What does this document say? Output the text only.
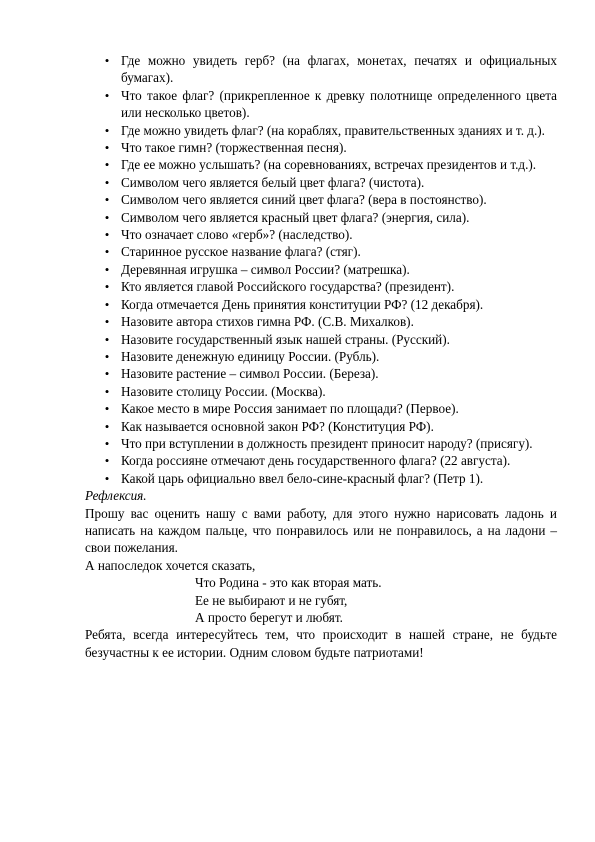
• Где можно увидеть герб? (на флагах, монетах, печатях и официальных бумагах).
• Что такое флаг? (прикрепленное к древку полотнище определенного цвета или несколько цветов).
• Где можно увидеть флаг? (на кораблях, правительственных зданиях и т. д.).
• Что такое гимн? (торжественная песня).
• Где ее можно услышать? (на соревнованиях, встречах президентов и т.д.).
• Символом чего является белый цвет флага? (чистота).
• Символом чего является синий цвет флага? (вера в постоянство).
• Символом чего является красный цвет флага? (энергия, сила).
• Что означает слово «герб»? (наследство).
• Старинное русское название флага? (стяг).
• Деревянная игрушка – символ России? (матрешка).
• Кто является главой Российского государства? (президент).
• Когда отмечается День принятия конституции РФ? (12 декабря).
• Назовите автора стихов гимна РФ. (С.В. Михалков).
• Назовите государственный язык нашей страны. (Русский).
• Назовите денежную единицу России. (Рубль).
• Назовите растение – символ России. (Береза).
• Назовите столицу России. (Москва).
• Какое место в мире Россия занимает по площади? (Первое).
• Как называется основной закон РФ? (Конституция РФ).
• Что при вступлении в должность президент приносит народу? (присягу).
• Когда россияне отмечают день государственного флага? (22 августа).
• Какой царь официально ввел бело-сине-красный флаг? (Петр 1).

Рефлексия.

Прошу вас оценить нашу с вами работу, для этого нужно нарисовать ладонь и написать на каждом пальце, что понравилось или не понравилось, а на ладони – свои пожелания.

А напоследок хочется сказать,

Что Родина - это как вторая мать.

Ее не выбирают и не губят,

А просто берегут и любят.

Ребята, всегда интересуйтесь тем, что происходит в нашей стране, не будьте безучастны к ее истории. Одним словом будьте патриотами!
